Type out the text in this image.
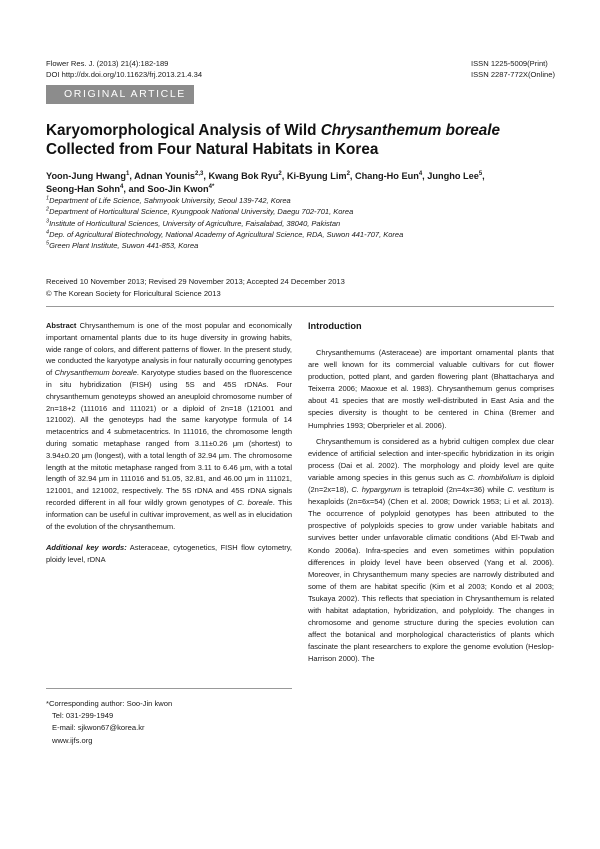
Flower Res. J. (2013) 21(4):182-189
DOI http://dx.doi.org/10.11623/frj.2013.21.4.34
ISSN 1225-5009(Print)
ISSN 2287-772X(Online)
ORIGINAL ARTICLE
Karyomorphological Analysis of Wild Chrysanthemum boreale Collected from Four Natural Habitats in Korea
Yoon-Jung Hwang$^1$, Adnan Younis$^{2,3}$, Kwang Bok Ryu$^2$, Ki-Byung Lim$^2$, Chang-Ho Eun$^4$, Jungho Lee$^5$,
Seong-Han Sohn$^4$, and Soo-Jin Kwon$^{4*}$
$^1$Department of Life Science, Sahmyook University, Seoul 139-742, Korea
$^2$Department of Horticultural Science, Kyungpook National University, Daegu 702-701, Korea
$^3$Institute of Horticultural Sciences, University of Agriculture, Faisalabad, 38040, Pakistan
$^4$Dep. of Agricultural Biotechnology, National Academy of Agricultural Science, RDA, Suwon 441-707, Korea
$^5$Green Plant Institute, Suwon 441-853, Korea
Received 10 November 2013; Revised 29 November 2013; Accepted 24 December 2013
© The Korean Society for Floricultural Science 2013
Abstract Chrysanthemum is one of the most popular and economically important ornamental plants due to its huge diversity in growing habits, wide range of colors, and different patterns of flower. In the present study, we conducted the karyotype analysis in four naturally occurring genotypes of Chrysanthemum boreale. Karyotype studies based on the fluorescence in situ hybridization (FISH) using 5S and 45S rDNAs. Four chrysanthemum genoteyps showed an aneuploid chromosome number of 2n=18+2 (111016 and 111021) or a diploid of 2n=18 (121001 and 121002). All the genoteyps had the same karyotype formula of 14 metacentrics and 4 submetacentrics. In 111016, the chromosome length during somatic metaphase ranged from 3.11±0.26 μm (shortest) to 3.94±0.20 μm (longest), with a total length of 32.94 μm. The chromosome length at the mitotic metaphase ranged from 3.11 to 6.46 μm, with a total length of 32.94 μm in 111016 and 51.05, 32.81, and 46.00 μm in 111021, 121001, and 121002, respectively. The 5S rDNA and 45S rDNA signals recorded different in all four wildly grown genotypes of C. boreale. This information can be useful in cultivar improvement, as well as in elucidation of the evolution of the chrysanthemum.
Additional key words: Asteraceae, cytogenetics, FISH flow cytometry, ploidy level, rDNA
*Corresponding author: Soo-Jin kwon
Tel: 031-299-1949
E-mail: sjkwon67@korea.kr
www.ijfs.org
Introduction

Chrysanthemums (Asteraceae) are important ornamental plants that are well known for its commercial valuable cultivars for cut flower production, potted plant, and garden flowering plant (Bhattacharya and Teixerra 2006; Maoxue et al. 1983). Chrysanthemum genus comprises about 41 species that are mostly well-distributed in East Asia and the species diversity is thought to be centered in China (Bremer and Humphries 1993; Oberprieler et al. 2006).

Chrysanthemum is considered as a hybrid cultigen complex due clear evidence of artificial selection and inter-specific hybridization in its origin process (Dai et al. 2002). The morphology and ploidy level are quite variable among species in this genus such as C. rhombifolium is diploid (2n=2x=18), C. hypargyrum is tetraploid (2n=4x=36) while C. vestitum is hexaploids (2n=6x=54) (Chen et al. 2008; Dowrick 1953; Li et al. 2013). The occurrence of polyploid genotypes has been attributed to the prospective of polyploids species to grow under variable habitats and survives better under unfavorable climatic conditions (Abd El-Twab and Kondo 2006a). Infra-species and even sometimes within population differences in ploidy level have been observed (Yang et al. 2006). Moreover, in Chrysanthemum many species are narrowly distributed and some of them are habitat specific (Kim et al 2003; Kondo et al 2003; Tsukaya 2002). This reflects that speciation in Chrysanthemum is related with habitat adaptation, hybridization, and polyploidy. The changes in chromosome and genome structure during the species evolution can affect the botanical and morphological characteristics of plants which fascinate the plant researchers to explore the genome evolution (Heslop-Harrison 2000). The
